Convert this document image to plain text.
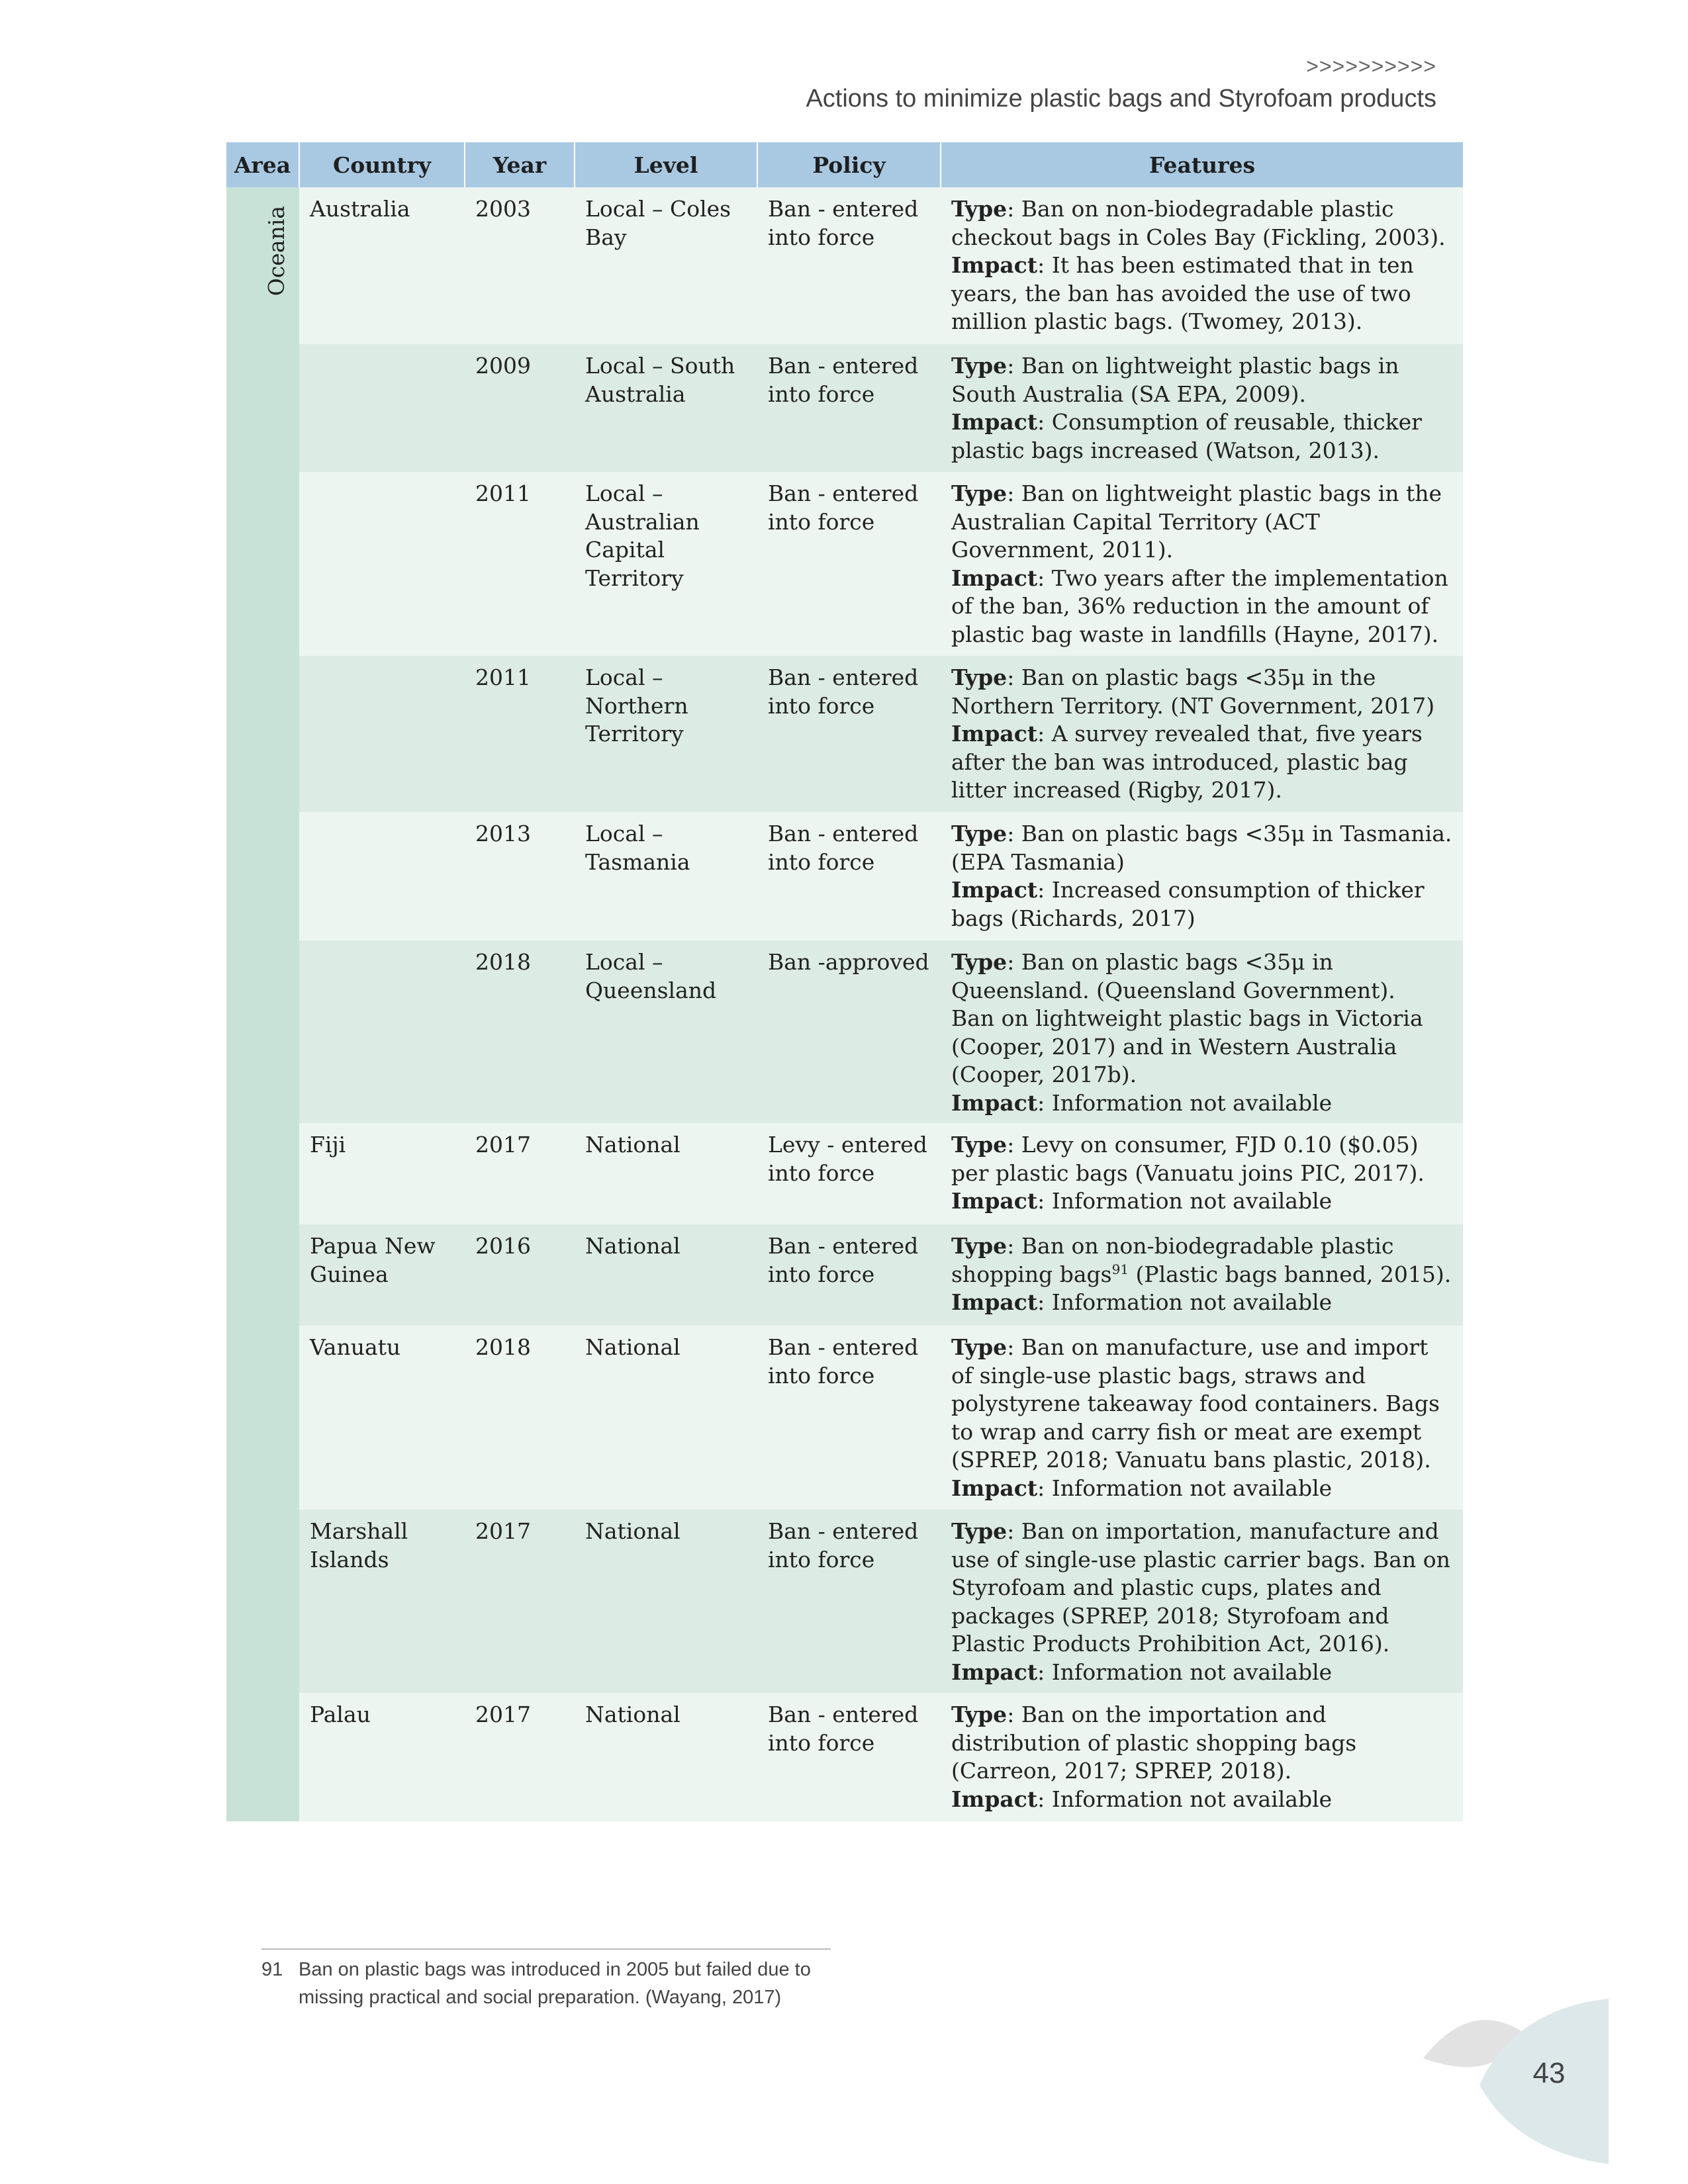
>>>>>>>>>>
Actions to minimize plastic bags and Styrofoam products
Area	Country	Year	Level	Policy	Features

Oceania	Australia	2003	Local – Coles Bay	Ban - entered into force	Type: Ban on non-biodegradable plastic checkout bags in Coles Bay (Fickling, 2003).
Impact: It has been estimated that in ten years, the ban has avoided the use of two million plastic bags. (Twomey, 2013).
		2009	Local – South Australia	Ban - entered into force	Type: Ban on lightweight plastic bags in South Australia (SA EPA, 2009).
Impact: Consumption of reusable, thicker plastic bags increased (Watson, 2013).
		2011	Local – Australian Capital Territory	Ban - entered into force	Type: Ban on lightweight plastic bags in the Australian Capital Territory (ACT Government, 2011).
Impact: Two years after the implementation of the ban, 36% reduction in the amount of plastic bag waste in landfills (Hayne, 2017).
		2011	Local – Northern Territory	Ban - entered into force	Type: Ban on plastic bags <35μ in the Northern Territory. (NT Government, 2017)
Impact: A survey revealed that, five years after the ban was introduced, plastic bag litter increased (Rigby, 2017).
		2013	Local – Tasmania	Ban - entered into force	Type: Ban on plastic bags <35μ in Tasmania. (EPA Tasmania)
Impact: Increased consumption of thicker bags (Richards, 2017)
		2018	Local – Queensland	Ban -approved	Type: Ban on plastic bags <35μ in Queensland. (Queensland Government).
Ban on lightweight plastic bags in Victoria (Cooper, 2017) and in Western Australia (Cooper, 2017b).
Impact: Information not available
	Fiji	2017	National	Levy - entered into force	Type: Levy on consumer, FJD 0.10 ($0.05) per plastic bags (Vanuatu joins PIC, 2017).
Impact: Information not available
	Papua New Guinea	2016	National	Ban - entered into force	Type: Ban on non-biodegradable plastic shopping bags$^{91}$ (Plastic bags banned, 2015).
Impact: Information not available
	Vanuatu	2018	National	Ban - entered into force	Type: Ban on manufacture, use and import of single-use plastic bags, straws and polystyrene takeaway food containers. Bags to wrap and carry fish or meat are exempt (SPREP, 2018; Vanuatu bans plastic, 2018).
Impact: Information not available
	Marshall Islands	2017	National	Ban - entered into force	Type: Ban on importation, manufacture and use of single-use plastic carrier bags. Ban on Styrofoam and plastic cups, plates and packages (SPREP, 2018; Styrofoam and Plastic Products Prohibition Act, 2016).
Impact: Information not available
	Palau	2017	National	Ban - entered into force	Type: Ban on the importation and distribution of plastic shopping bags (Carreon, 2017; SPREP, 2018).
Impact: Information not available
91 Ban on plastic bags was introduced in 2005 but failed due to missing practical and social preparation. (Wayang, 2017)
43
